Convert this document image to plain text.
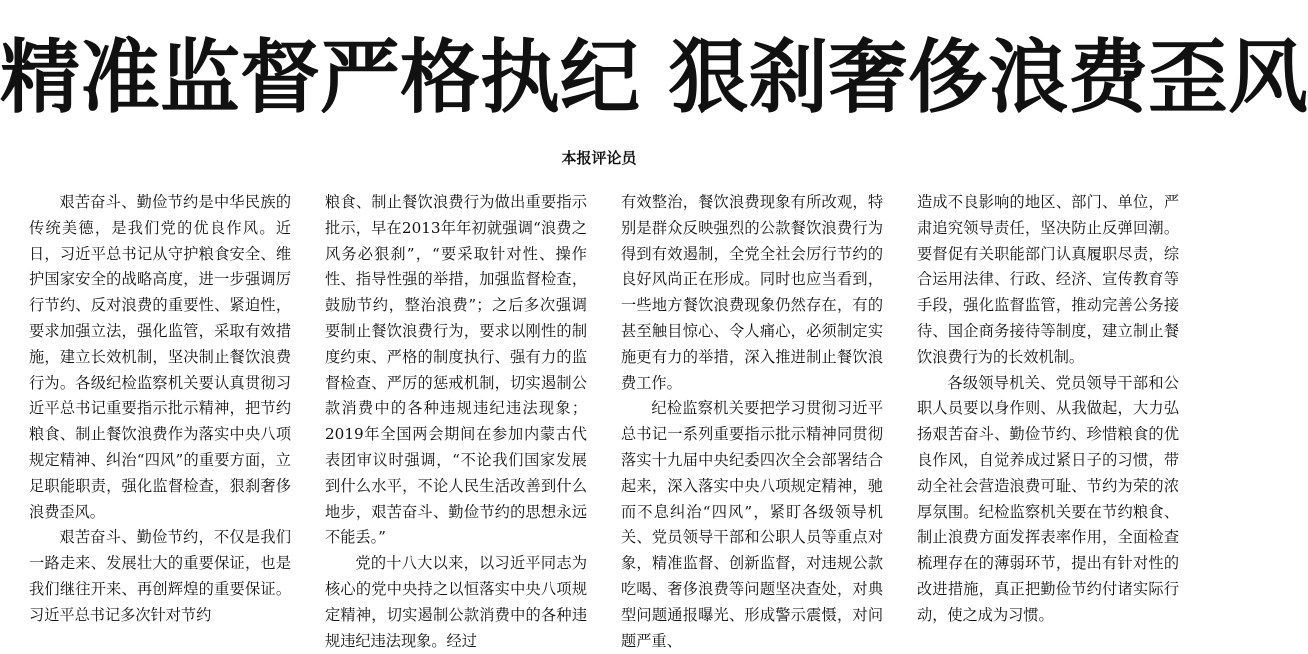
精准监督严格执纪 狠刹奢侈浪费歪风
本报评论员

艰苦奋斗、勤俭节约是中华民族的传统美德，是我们党的优良作风。近日，习近平总书记从守护粮食安全、维护国家安全的战略高度，进一步强调厉行节约、反对浪费的重要性、紧迫性，要求加强立法，强化监管，采取有效措施，建立长效机制，坚决制止餐饮浪费行为。各级纪检监察机关要认真贯彻习近平总书记重要指示批示精神，把节约粮食、制止餐饮浪费作为落实中央八项规定精神、纠治“四风”的重要方面，立足职能职责，强化监督检查，狠刹奢侈浪费歪风。

艰苦奋斗、勤俭节约，不仅是我们一路走来、发展壮大的重要保证，也是我们继往开来、再创辉煌的重要保证。习近平总书记多次针对节约

粮食、制止餐饮浪费行为做出重要指示批示，早在2013年年初就强调“浪费之风务必狠刹”，“要采取针对性、操作性、指导性强的举措，加强监督检查，鼓励节约，整治浪费”；之后多次强调要制止餐饮浪费行为，要求以刚性的制度约束、严格的制度执行、强有力的监督检查、严厉的惩戒机制，切实遏制公款消费中的各种违规违纪违法现象；2019年全国两会期间在参加内蒙古代表团审议时强调，“不论我们国家发展到什么水平，不论人民生活改善到什么地步，艰苦奋斗、勤俭节约的思想永远不能丢。”

党的十八大以来，以习近平同志为核心的党中央持之以恒落实中央八项规定精神，切实遏制公款消费中的各种违规违纪违法现象。经过

有效整治，餐饮浪费现象有所改观，特别是群众反映强烈的公款餐饮浪费行为得到有效遏制，全党全社会厉行节约的良好风尚正在形成。同时也应当看到，一些地方餐饮浪费现象仍然存在，有的甚至触目惊心、令人痛心，必须制定实施更有力的举措，深入推进制止餐饮浪费工作。

纪检监察机关要把学习贯彻习近平总书记一系列重要指示批示精神同贯彻落实十九届中央纪委四次全会部署结合起来，深入落实中央八项规定精神，驰而不息纠治“四风”，紧盯各级领导机关、党员领导干部和公职人员等重点对象，精准监督、创新监督，对违规公款吃喝、奢侈浪费等问题坚决查处，对典型问题通报曝光、形成警示震慑，对问题严重、

造成不良影响的地区、部门、单位，严肃追究领导责任，坚决防止反弹回潮。要督促有关职能部门认真履职尽责，综合运用法律、行政、经济、宣传教育等手段，强化监督监管，推动完善公务接待、国企商务接待等制度，建立制止餐饮浪费行为的长效机制。

各级领导机关、党员领导干部和公职人员要以身作则、从我做起，大力弘扬艰苦奋斗、勤俭节约、珍惜粮食的优良作风，自觉养成过紧日子的习惯，带动全社会营造浪费可耻、节约为荣的浓厚氛围。纪检监察机关要在节约粮食、制止浪费方面发挥表率作用，全面检查梳理存在的薄弱环节，提出有针对性的改进措施，真正把勤俭节约付诸实际行动，使之成为习惯。
